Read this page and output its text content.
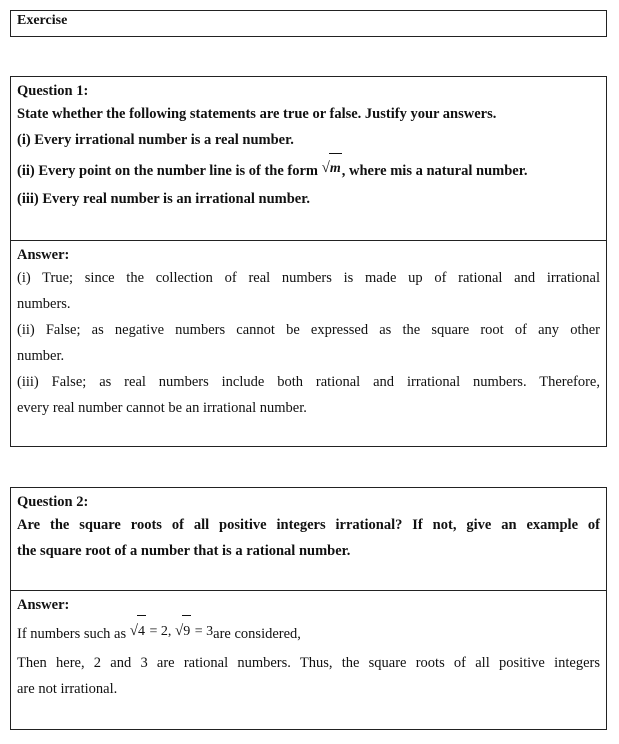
Exercise
Question 1:
State whether the following statements are true or false. Justify your answers.
(i) Every irrational number is a real number.
(ii) Every point on the number line is of the form √m, where mis a natural number.
(iii) Every real number is an irrational number.
Answer:
(i) True; since the collection of real numbers is made up of rational and irrational
numbers.
(ii) False; as negative numbers cannot be expressed as the square root of any other
number.
(iii) False; as real numbers include both rational and irrational numbers. Therefore,
every real number cannot be an irrational number.
Question 2:
Are the square roots of all positive integers irrational? If not, give an example of
the square root of a number that is a rational number.
Answer:
If numbers such as √4 = 2, √9 = 3are considered,
Then here, 2 and 3 are rational numbers. Thus, the square roots of all positive integers
are not irrational.
